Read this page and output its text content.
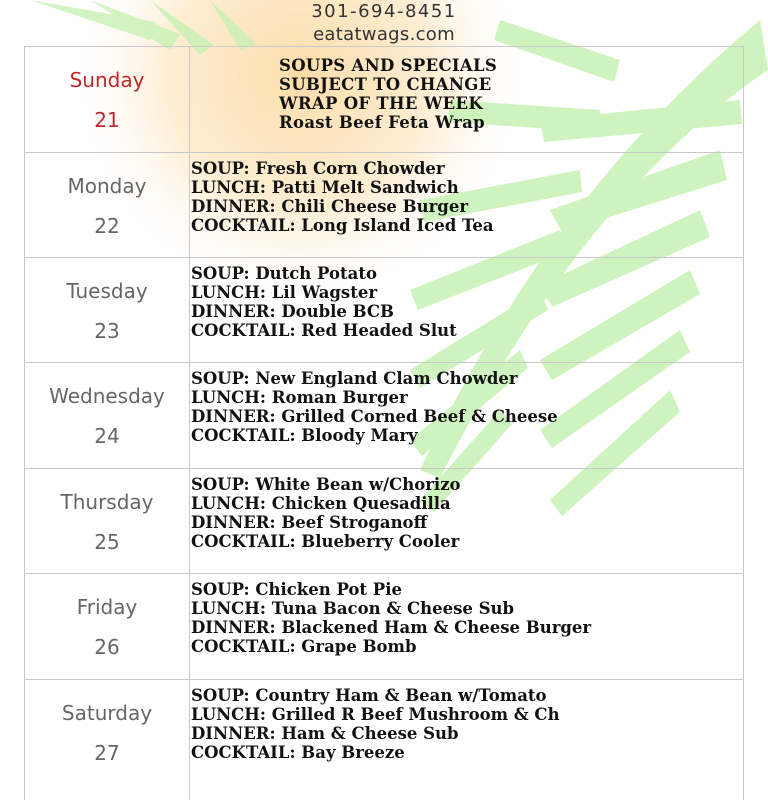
301-694-8451
eatatwags.com
Sunday
21
SOUPS AND SPECIALS
SUBJECT TO CHANGE
WRAP OF THE WEEK
Roast Beef Feta Wrap
Monday
22
SOUP: Fresh Corn Chowder
LUNCH: Patti Melt Sandwich
DINNER: Chili Cheese Burger
COCKTAIL: Long Island Iced Tea
Tuesday
23
SOUP: Dutch Potato
LUNCH: Lil Wagster
DINNER: Double BCB
COCKTAIL: Red Headed Slut
Wednesday
24
SOUP: New England Clam Chowder
LUNCH: Roman Burger
DINNER: Grilled Corned Beef & Cheese
COCKTAIL: Bloody Mary
Thursday
25
SOUP: White Bean w/Chorizo
LUNCH: Chicken Quesadilla
DINNER: Beef Stroganoff
COCKTAIL: Blueberry Cooler
Friday
26
SOUP: Chicken Pot Pie
LUNCH: Tuna Bacon & Cheese Sub
DINNER: Blackened Ham & Cheese Burger
COCKTAIL: Grape Bomb
Saturday
27
SOUP: Country Ham & Bean w/Tomato
LUNCH: Grilled R Beef Mushroom & Ch
DINNER: Ham & Cheese Sub
COCKTAIL: Bay Breeze
